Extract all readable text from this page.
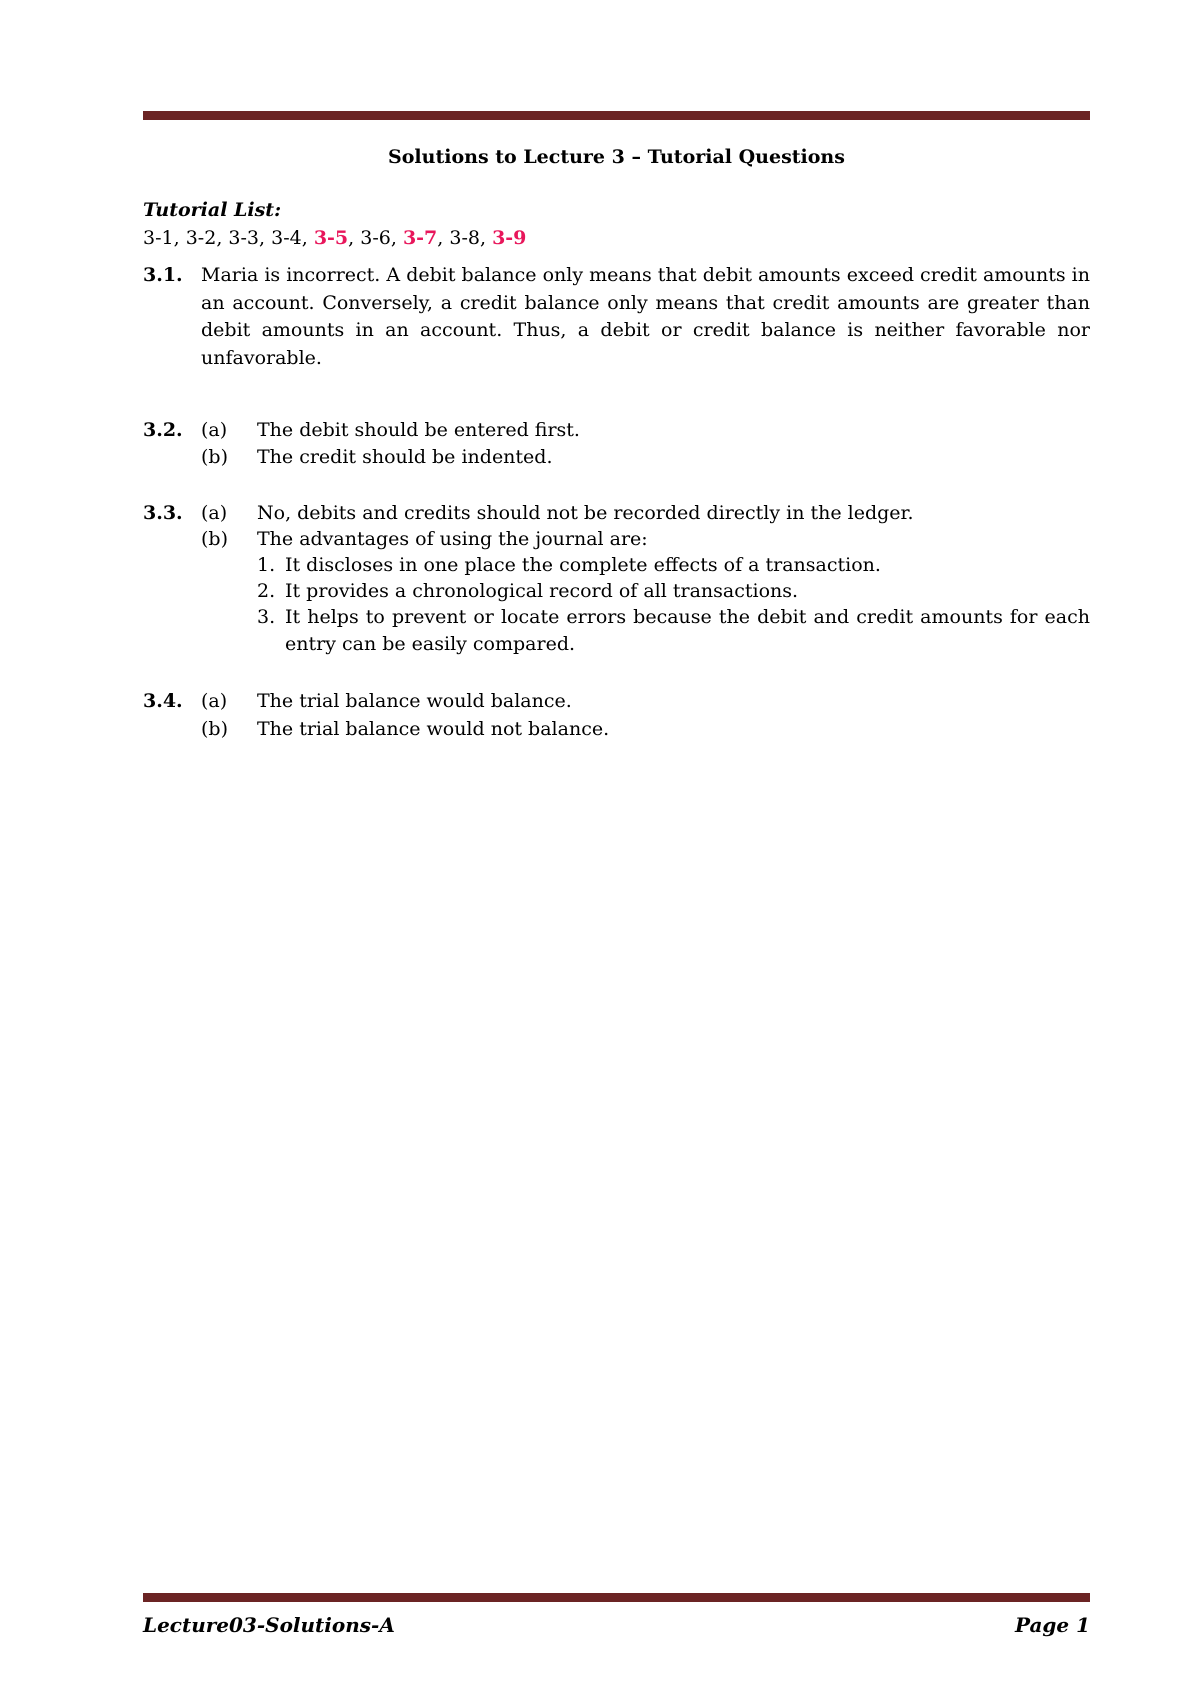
Solutions to Lecture 3 – Tutorial Questions
Tutorial List:
3-1, 3-2, 3-3, 3-4, 3-5, 3-6, 3-7, 3-8, 3-9
3.1. Maria is incorrect. A debit balance only means that debit amounts exceed credit amounts in an account. Conversely, a credit balance only means that credit amounts are greater than debit amounts in an account. Thus, a debit or credit balance is neither favorable nor unfavorable.
3.2. (a) The debit should be entered first.
(b) The credit should be indented.
3.3. (a) No, debits and credits should not be recorded directly in the ledger.
(b) The advantages of using the journal are:
1. It discloses in one place the complete effects of a transaction.
2. It provides a chronological record of all transactions.
3. It helps to prevent or locate errors because the debit and credit amounts for each entry can be easily compared.
3.4. (a) The trial balance would balance.
(b) The trial balance would not balance.
Lecture03-Solutions-A	Page 1
